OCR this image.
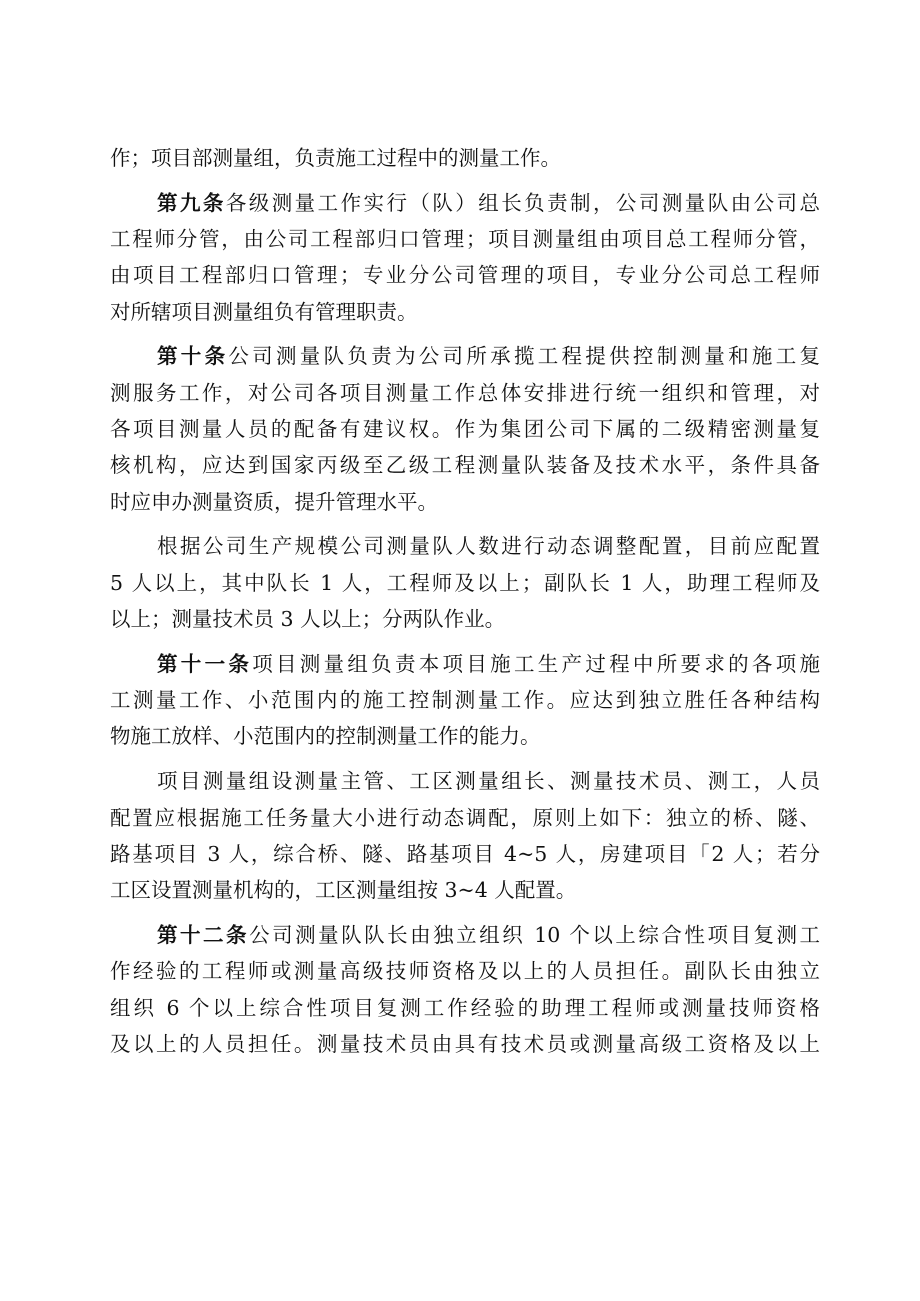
作；项目部测量组，负责施工过程中的测量工作。
第九条各级测量工作实行（队）组长负责制，公司测量队由公司总
工程师分管，由公司工程部归口管理；项目测量组由项目总工程师分管，
由项目工程部归口管理；专业分公司管理的项目，专业分公司总工程师
对所辖项目测量组负有管理职责。
第十条公司测量队负责为公司所承揽工程提供控制测量和施工复
测服务工作，对公司各项目测量工作总体安排进行统一组织和管理，对
各项目测量人员的配备有建议权。作为集团公司下属的二级精密测量复
核机构，应达到国家丙级至乙级工程测量队装备及技术水平，条件具备
时应申办测量资质，提升管理水平。
根据公司生产规模公司测量队人数进行动态调整配置，目前应配置
5 人以上，其中队长 1 人，工程师及以上；副队长 1 人，助理工程师及
以上；测量技术员 3 人以上；分两队作业。
第十一条项目测量组负责本项目施工生产过程中所要求的各项施
工测量工作、小范围内的施工控制测量工作。应达到独立胜任各种结构
物施工放样、小范围内的控制测量工作的能力。
项目测量组设测量主管、工区测量组长、测量技术员、测工，人员
配置应根据施工任务量大小进行动态调配，原则上如下：独立的桥、隧、
路基项目 3 人，综合桥、隧、路基项目 4~5 人，房建项目「2 人；若分
工区设置测量机构的，工区测量组按 3~4 人配置。
第十二条公司测量队队长由独立组织 10 个以上综合性项目复测工
作经验的工程师或测量高级技师资格及以上的人员担任。副队长由独立
组织 6 个以上综合性项目复测工作经验的助理工程师或测量技师资格
及以上的人员担任。测量技术员由具有技术员或测量高级工资格及以上
